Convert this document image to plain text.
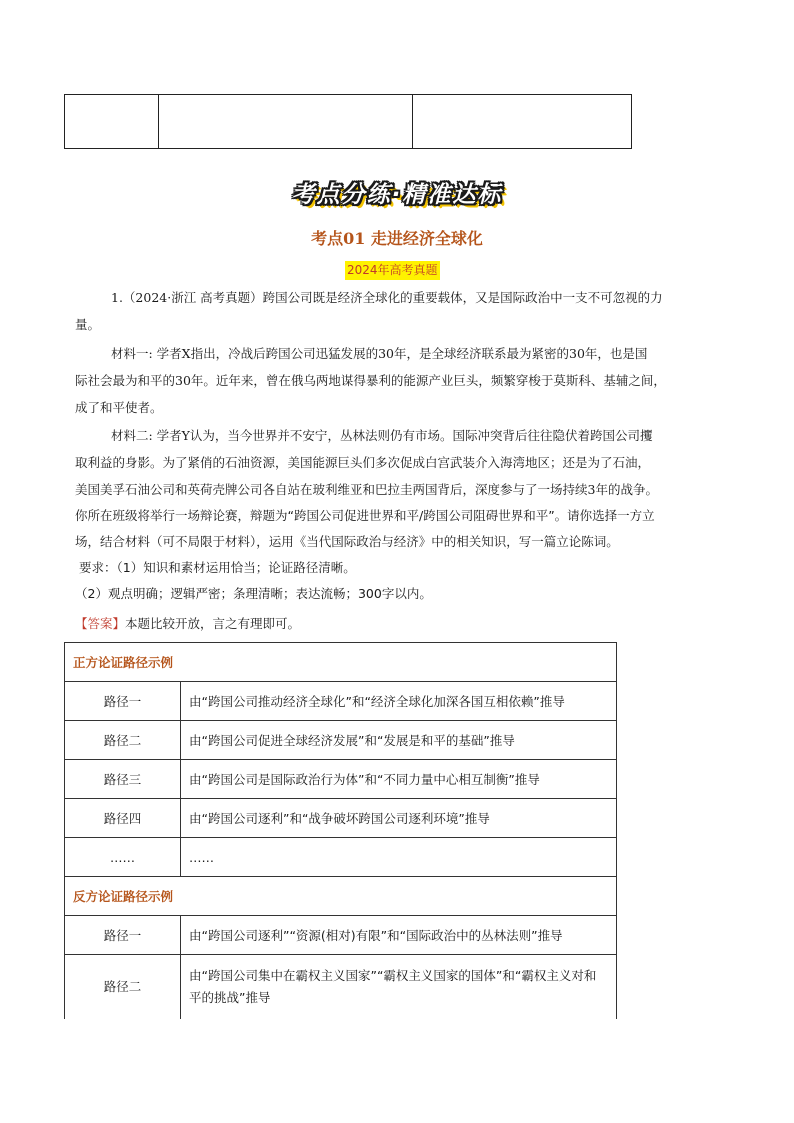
考点分练·精准达标
考点01 走进经济全球化
2024年高考真题
1.（2024·浙江 高考真题）跨国公司既是经济全球化的重要载体，又是国际政治中一支不可忽视的力
量。
材料一: 学者X指出，冷战后跨国公司迅猛发展的30年，是全球经济联系最为紧密的30年，也是国
际社会最为和平的30年。近年来，曾在俄乌两地谋得暴利的能源产业巨头，频繁穿梭于莫斯科、基辅之间，
成了和平使者。
材料二: 学者Y认为，当今世界并不安宁，丛林法则仍有市场。国际冲突背后往往隐伏着跨国公司攫
取利益的身影。为了紧俏的石油资源，美国能源巨头们多次促成白宫武装介入海湾地区；还是为了石油，
美国美孚石油公司和英荷壳牌公司各自站在玻利维亚和巴拉圭两国背后，深度参与了一场持续3年的战争。
你所在班级将举行一场辩论赛，辩题为“跨国公司促进世界和平/跨国公司阻碍世界和平”。请你选择一方立
场，结合材料（可不局限于材料），运用《当代国际政治与经济》中的相关知识，写一篇立论陈词。
要求：（1）知识和素材运用恰当；论证路径清晰。
（2）观点明确；逻辑严密；条理清晰；表达流畅；300字以内。
【答案】本题比较开放，言之有理即可。
正方论证路径示例	
路径一	由“跨国公司推动经济全球化”和“经济全球化加深各国互相依赖”推导
路径二	由“跨国公司促进全球经济发展”和“发展是和平的基础”推导
路径三	由“跨国公司是国际政治行为体”和“不同力量中心相互制衡”推导
路径四	由“跨国公司逐利”和“战争破坏跨国公司逐利环境”推导
……	……
反方论证路径示例	
路径一	由“跨国公司逐利”“资源(相对)有限”和“国际政治中的丛林法则”推导
路径二	由“跨国公司集中在霸权主义国家”“霸权主义国家的国体”和“霸权主义对和平的挑战”推导
